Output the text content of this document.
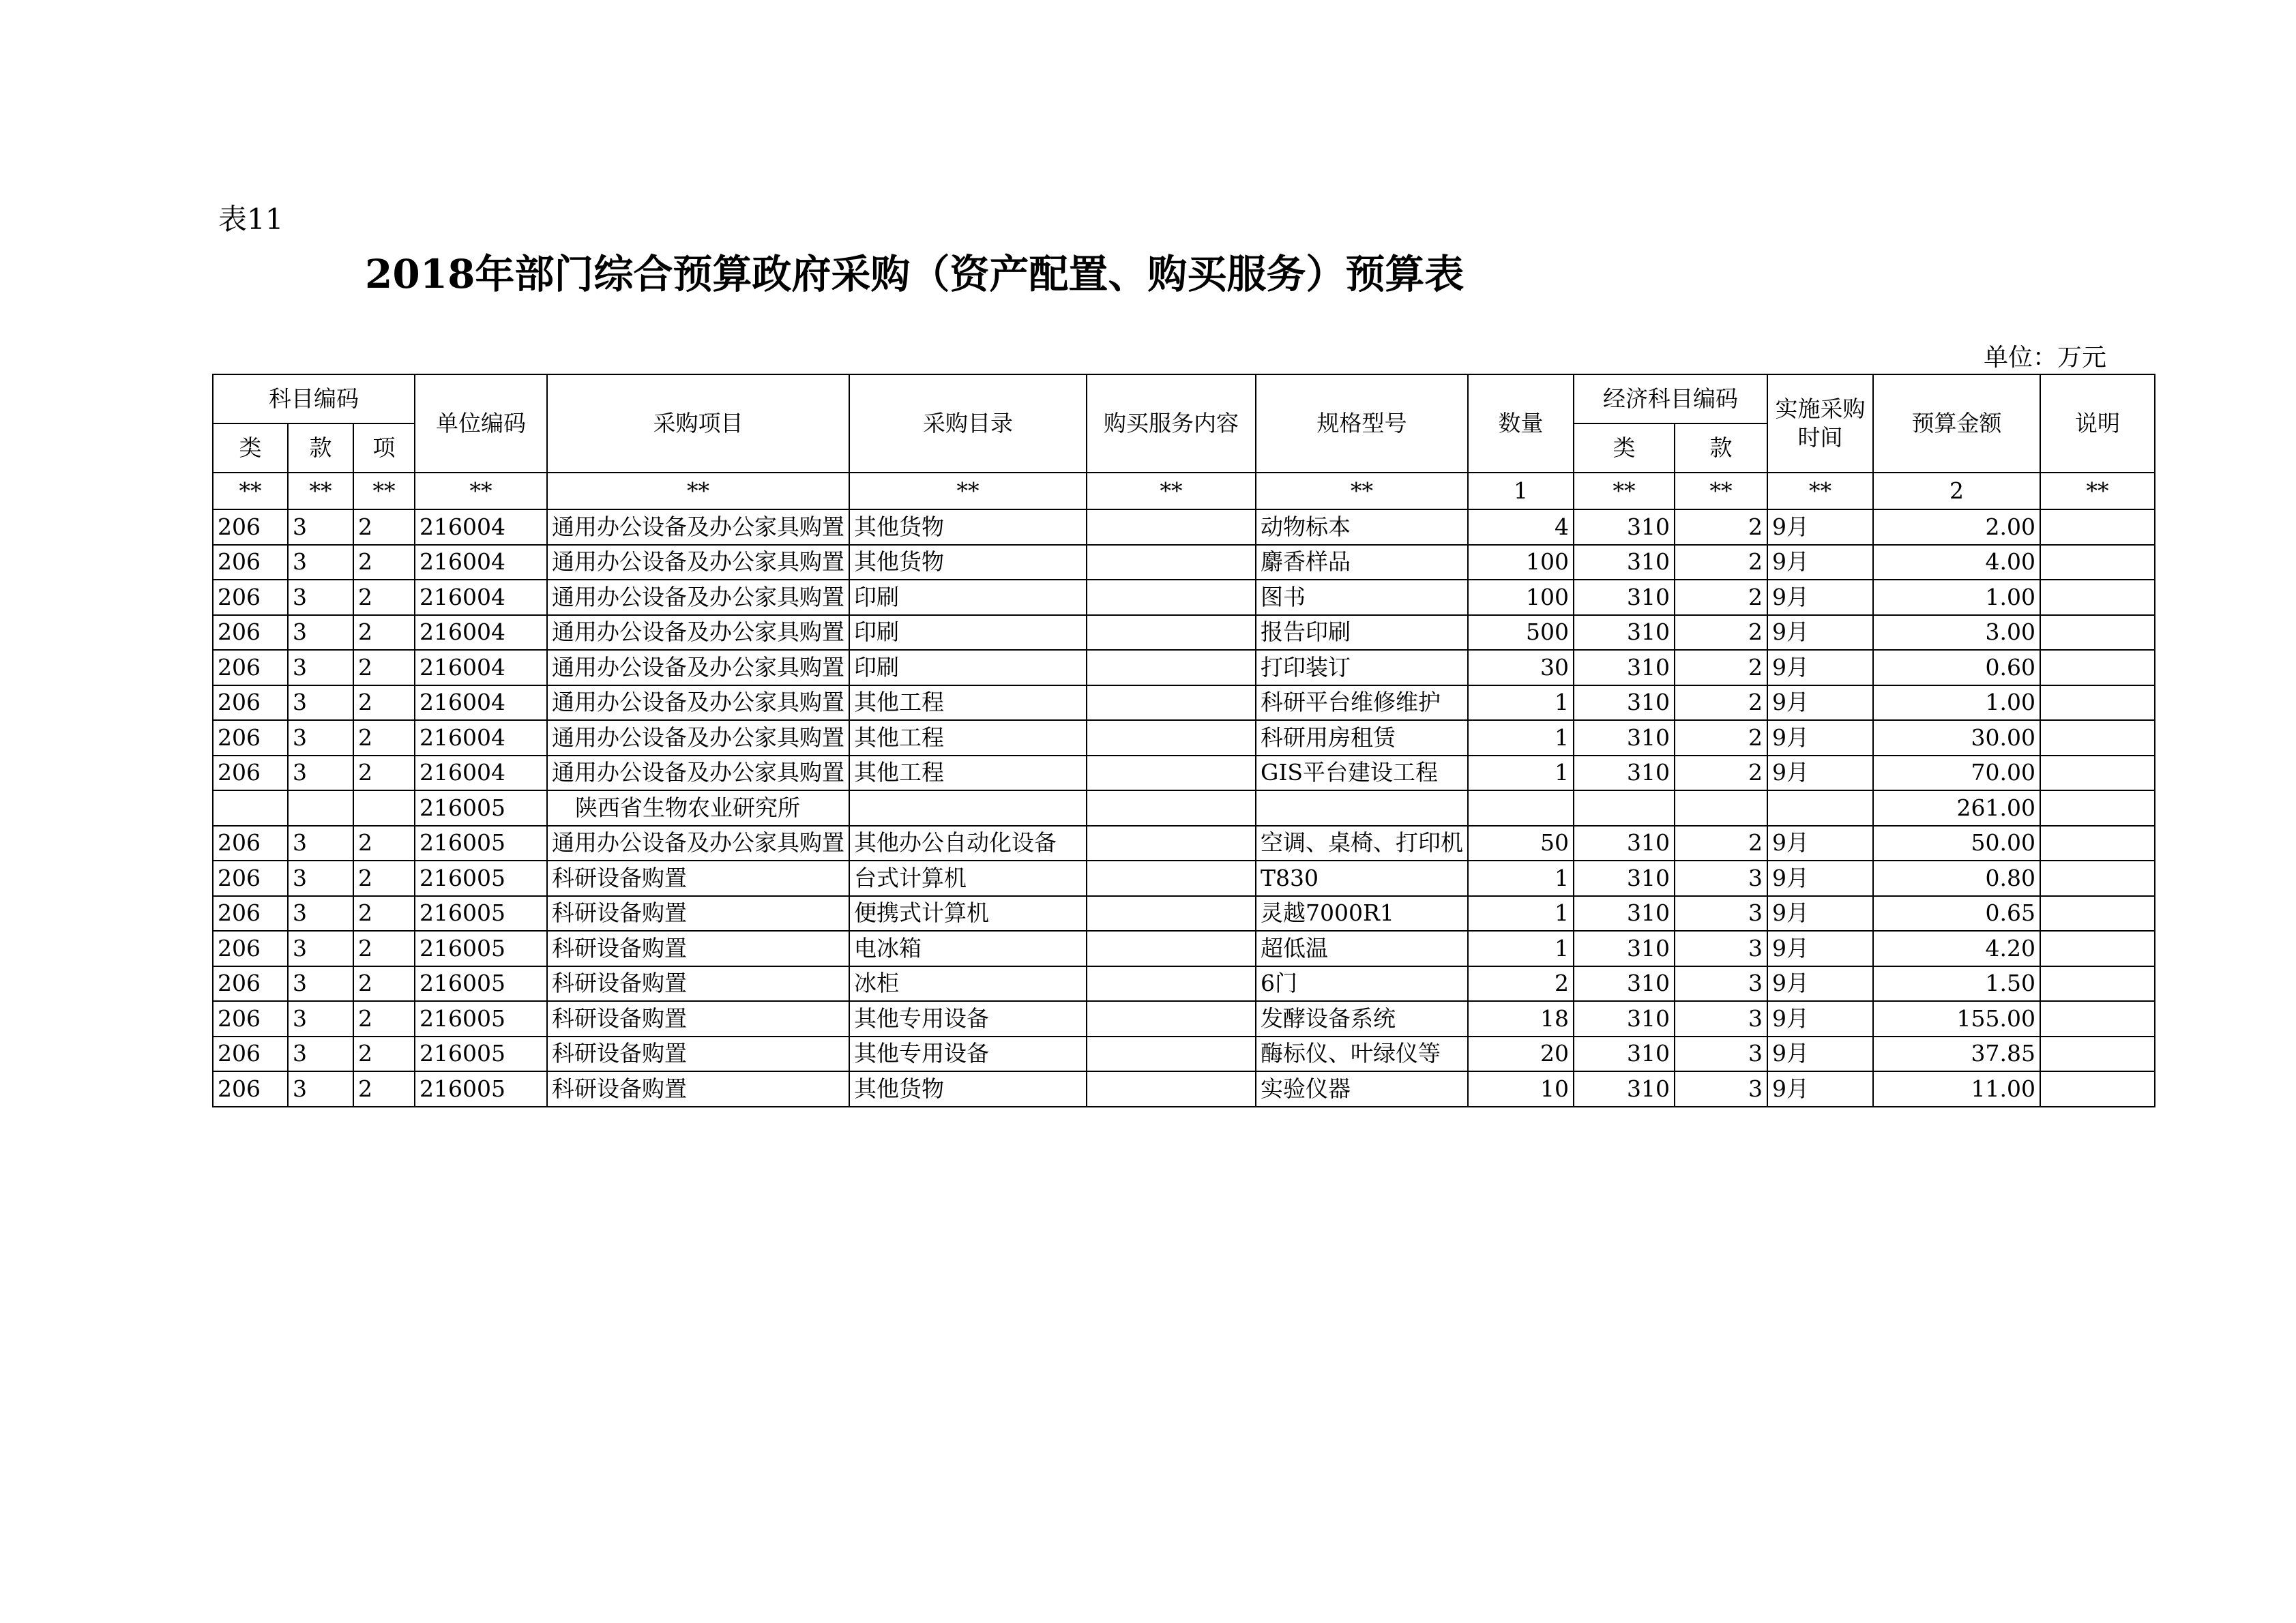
表11
2018年部门综合预算政府采购（资产配置、购买服务）预算表
单位：万元
科目编码			单位编码	采购项目	采购目录	购买服务内容	规格型号	数量	经济科目编码		实施采购时间	预算金额	说明
类	款	项							类	款			
**	**	**	**	**	**	**	**	1	**	**	**	2	**
206	3	2	216004	通用办公设备及办公家具购置	其他货物		动物标本	4	310	2	9月	2.00	
206	3	2	216004	通用办公设备及办公家具购置	其他货物		麝香样品	100	310	2	9月	4.00	
206	3	2	216004	通用办公设备及办公家具购置	印刷		图书	100	310	2	9月	1.00	
206	3	2	216004	通用办公设备及办公家具购置	印刷		报告印刷	500	310	2	9月	3.00	
206	3	2	216004	通用办公设备及办公家具购置	印刷		打印装订	30	310	2	9月	0.60	
206	3	2	216004	通用办公设备及办公家具购置	其他工程		科研平台维修维护	1	310	2	9月	1.00	
206	3	2	216004	通用办公设备及办公家具购置	其他工程		科研用房租赁	1	310	2	9月	30.00	
206	3	2	216004	通用办公设备及办公家具购置	其他工程		GIS平台建设工程	1	310	2	9月	70.00	
			216005	陕西省生物农业研究所								261.00	
206	3	2	216005	通用办公设备及办公家具购置	其他办公自动化设备		空调、桌椅、打印机	50	310	2	9月	50.00	
206	3	2	216005	科研设备购置	台式计算机		T830	1	310	3	9月	0.80	
206	3	2	216005	科研设备购置	便携式计算机		灵越7000R1	1	310	3	9月	0.65	
206	3	2	216005	科研设备购置	电冰箱		超低温	1	310	3	9月	4.20	
206	3	2	216005	科研设备购置	冰柜		6门	2	310	3	9月	1.50	
206	3	2	216005	科研设备购置	其他专用设备		发酵设备系统	18	310	3	9月	155.00	
206	3	2	216005	科研设备购置	其他专用设备		酶标仪、叶绿仪等	20	310	3	9月	37.85	
206	3	2	216005	科研设备购置	其他货物		实验仪器	10	310	3	9月	11.00	
